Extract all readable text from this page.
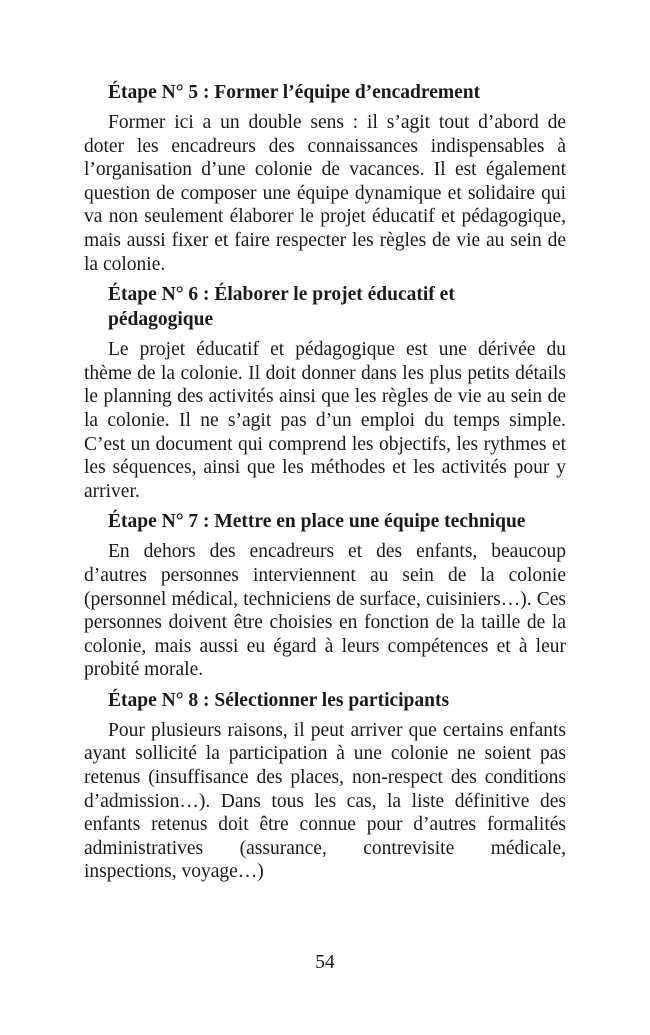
Étape N° 5 : Former l’équipe d’encadrement
Former ici a un double sens : il s’agit tout d’abord de doter les encadreurs des connaissances indispensables à l’organisation d’une colonie de vacances. Il est également question de composer une équipe dynamique et solidaire qui va non seulement élaborer le projet éducatif et pédagogique, mais aussi fixer et faire respecter les règles de vie au sein de la colonie.
Étape N° 6 : Élaborer le projet éducatif et pédagogique
Le projet éducatif et pédagogique est une dérivée du thème de la colonie. Il doit donner dans les plus petits détails le planning des activités ainsi que les règles de vie au sein de la colonie. Il ne s’agit pas d’un emploi du temps simple. C’est un document qui comprend les objectifs, les rythmes et les séquences, ainsi que les méthodes et les activités pour y arriver.
Étape N° 7 : Mettre en place une équipe technique
En dehors des encadreurs et des enfants, beaucoup d’autres personnes interviennent au sein de la colonie (personnel médical, techniciens de surface, cuisiniers…). Ces personnes doivent être choisies en fonction de la taille de la colonie, mais aussi eu égard à leurs compétences et à leur probité morale.
Étape N° 8 : Sélectionner les participants
Pour plusieurs raisons, il peut arriver que certains enfants ayant sollicité la participation à une colonie ne soient pas retenus (insuffisance des places, non-respect des conditions d’admission…). Dans tous les cas, la liste définitive des enfants retenus doit être connue pour d’autres formalités administratives (assurance, contrevisite médicale, inspections, voyage…)
54
